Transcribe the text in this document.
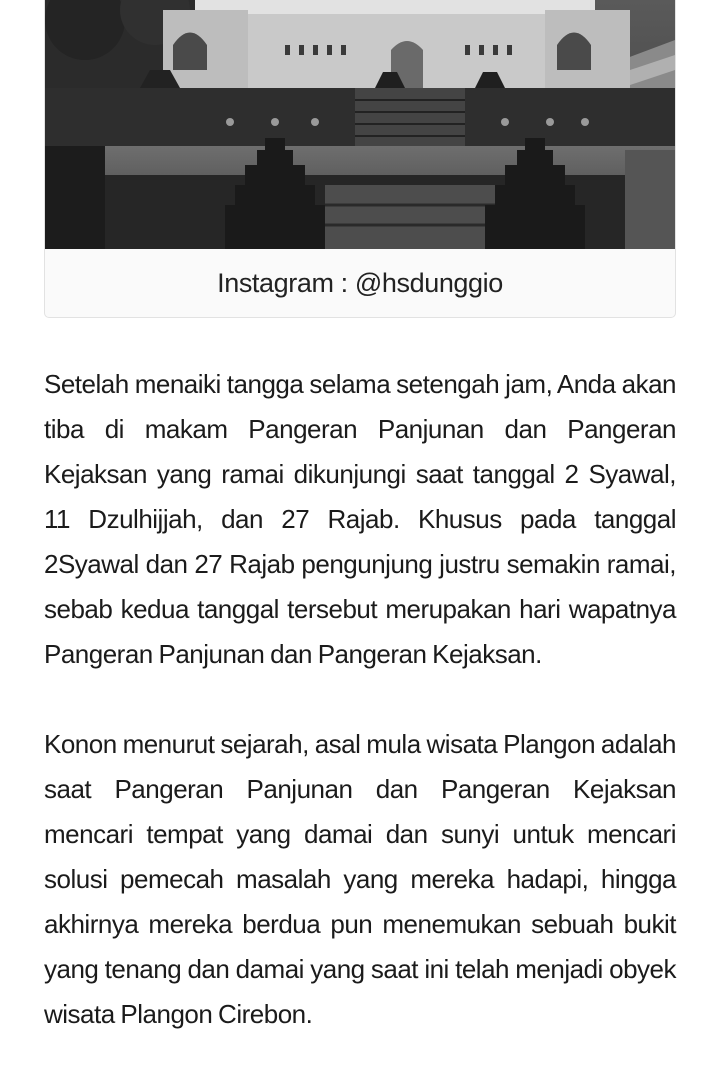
Instagram : @hsdunggio

Setelah menaiki tangga selama setengah jam, Anda akan tiba di makam Pangeran Panjunan dan Pangeran Kejaksan yang ramai dikunjungi saat tanggal 2 Syawal, 11 Dzulhijjah, dan 27 Rajab. Khusus pada tanggal 2Syawal dan 27 Rajab pengunjung justru semakin ramai, sebab kedua tanggal tersebut merupakan hari wapatnya Pangeran Panjunan dan Pangeran Kejaksan.

Konon menurut sejarah, asal mula wisata Plangon adalah saat Pangeran Panjunan dan Pangeran Kejaksan mencari tempat yang damai dan sunyi untuk mencari solusi pemecah masalah yang mereka hadapi, hingga akhirnya mereka berdua pun menemukan sebuah bukit yang tenang dan damai yang saat ini telah menjadi obyek wisata Plangon Cirebon.
